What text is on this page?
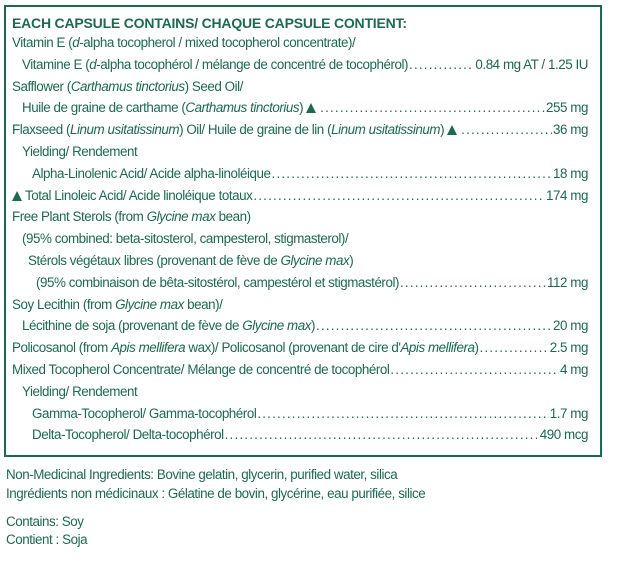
EACH CAPSULE CONTAINS/ CHAQUE CAPSULE CONTIENT:
Vitamin E (d-alpha tocopherol / mixed tocopherol concentrate)/
Vitamine E (d-alpha tocophérol / mélange de concentré de tocophérol) .....	0.84 mg AT / 1.25 IU
Safflower (Carthamus tinctorius) Seed Oil/
Huile de graine de carthame (Carthamus tinctorius) .....	255 mg
Flaxseed (Linum usitatissinum) Oil/ Huile de graine de lin (Linum usitatissinum) .....	36 mg
Yielding/ Rendement
Alpha-Linolenic Acid/ Acide alpha-linoléique .....	18 mg
Total Linoleic Acid/ Acide linoléique totaux .....	174 mg
Free Plant Sterols (from Glycine max bean)
(95% combined: beta-sitosterol, campesterol, stigmasterol)/
Stérols végétaux libres (provenant de fève de Glycine max)
(95% combinaison de bêta-sitostérol, campestérol et stigmastérol) .....	112 mg
Soy Lecithin (from Glycine max bean)/
Lécithine de soja (provenant de fève de Glycine max) .....	20 mg
Policosanol (from Apis mellifera wax)/ Policosanol (provenant de cire d'Apis mellifera) .....	2.5 mg
Mixed Tocopherol Concentrate/ Mélange de concentré de tocophérol .....	4 mg
Yielding/ Rendement
Gamma-Tocopherol/ Gamma-tocophérol .....	1.7 mg
Delta-Tocopherol/ Delta-tocophérol .....	490 mcg
Non-Medicinal Ingredients: Bovine gelatin, glycerin, purified water, silica
Ingrédients non médicinaux : Gélatine de bovin, glycérine, eau purifiée, silice
Contains: Soy
Contient : Soja
